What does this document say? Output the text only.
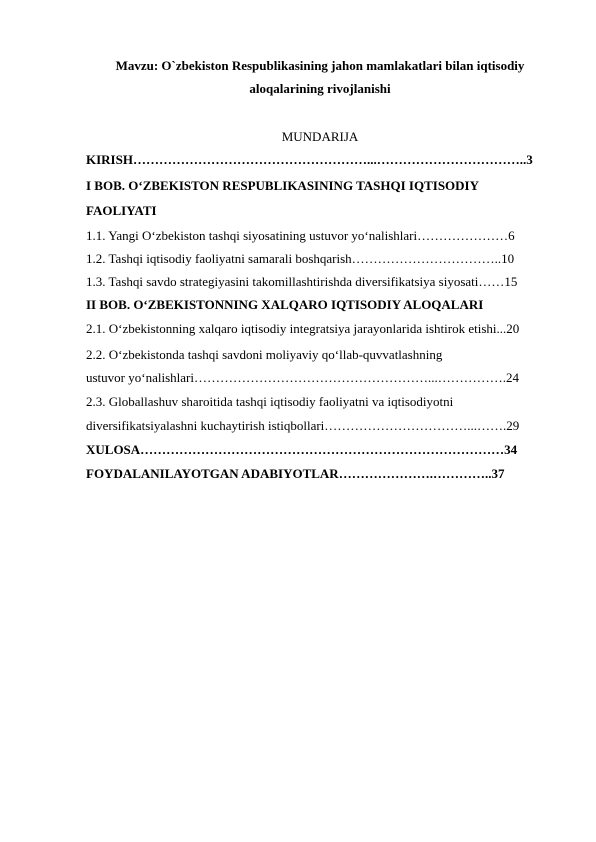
Mavzu: O`zbekiston Respublikasining jahon mamlakatlari bilan iqtisodiy
aloqalarining rivojlanishi
MUNDARIJA
KIRISH………………………………………………...……………………………..3
I BOB. O‘ZBEKISTON RESPUBLIKASINING TASHQI IQTISODIY
FAOLIYATI
1.1. Yangi O‘zbekiston tashqi siyosatining ustuvor yo‘nalishlari…………………6
1.2. Tashqi iqtisodiy faoliyatni samarali boshqarish……………………………..10
1.3. Tashqi savdo strategiyasini takomillashtirishda diversifikatsiya siyosati……15
II BOB. O‘ZBEKISTONNING XALQARO IQTISODIY ALOQALARI
2.1. O‘zbekistonning xalqaro iqtisodiy integratsiya jarayonlarida ishtirok etishi...20
2.2. O‘zbekistonda tashqi savdoni moliyaviy qo‘llab-quvvatlashning
ustuvor yo‘nalishlari………………………………………………...…………….24
2.3. Globallashuv sharoitida tashqi iqtisodiy faoliyatni va iqtisodiyotni
diversifikatsiyalashni kuchaytirish istiqbollari……………………………...…….29
XULOSA…………………………………………………………………………34
FOYDALANILAYOTGAN ADABIYOTLAR………………….…………..37
